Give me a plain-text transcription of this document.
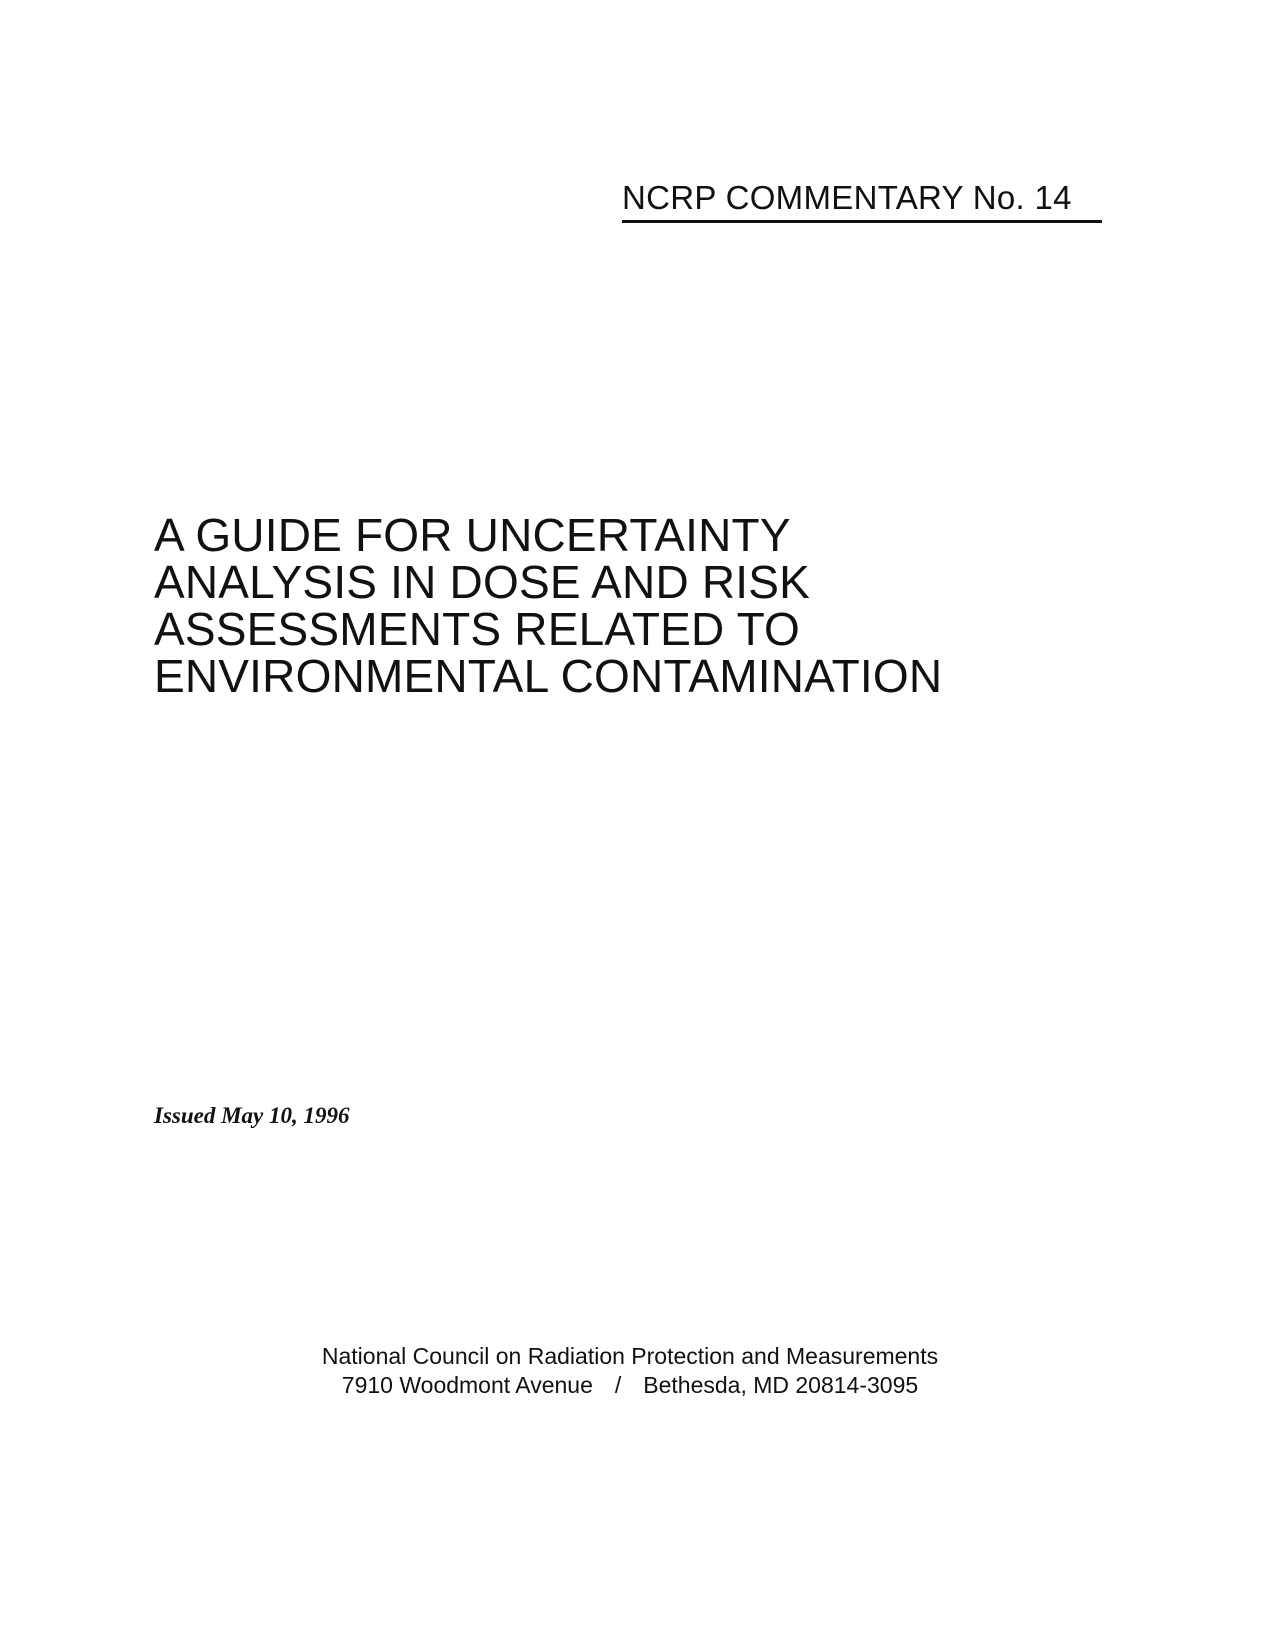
NCRP COMMENTARY No. 14
A GUIDE FOR UNCERTAINTY
ANALYSIS IN DOSE AND RISK
ASSESSMENTS RELATED TO
ENVIRONMENTAL CONTAMINATION
Issued May 10, 1996
National Council on Radiation Protection and Measurements
7910 Woodmont Avenue / Bethesda, MD 20814-3095
